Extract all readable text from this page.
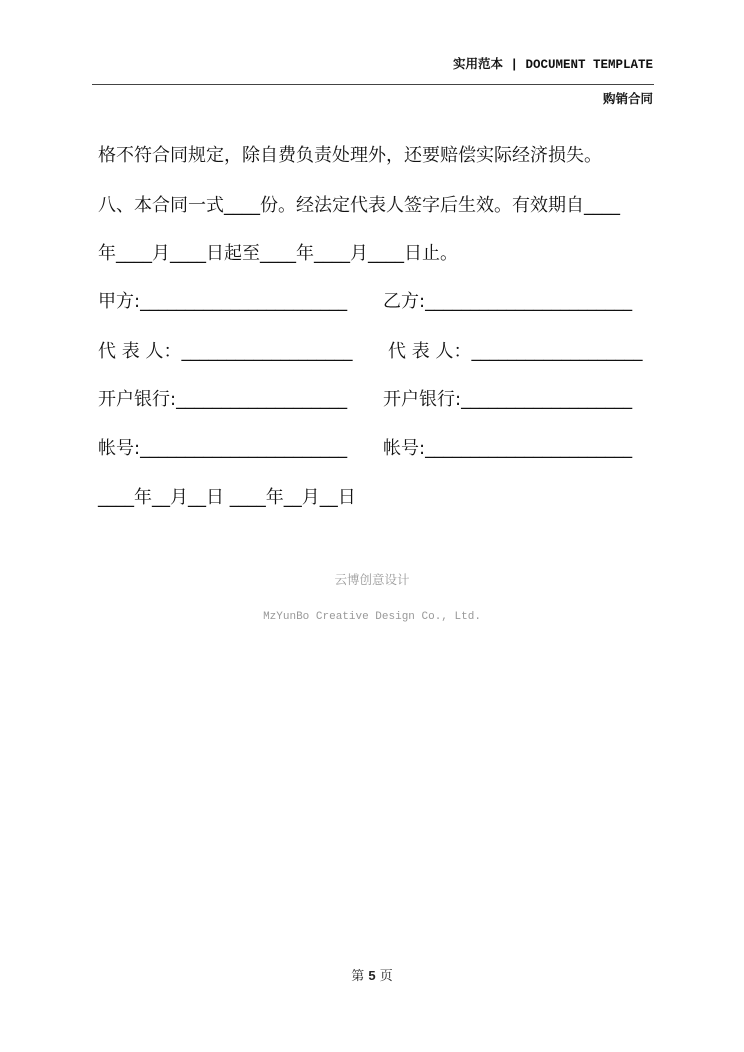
实用范本 | DOCUMENT TEMPLATE
购销合同
格不符合同规定，除自费负责处理外，还要赔偿实际经济损失。
八、本合同一式____份。经法定代表人签字后生效。有效期自____
年____月____日起至____年____月____日止。
甲方:_______________________ 乙方:_______________________
代 表 人：___________________ 代 表 人：___________________
开户银行:___________________ 开户银行:___________________
帐号:_______________________ 帐号:_______________________
____年__月__日 ____年__月__日
云博创意设计
MzYunBo Creative Design Co., Ltd.
第 5 页
